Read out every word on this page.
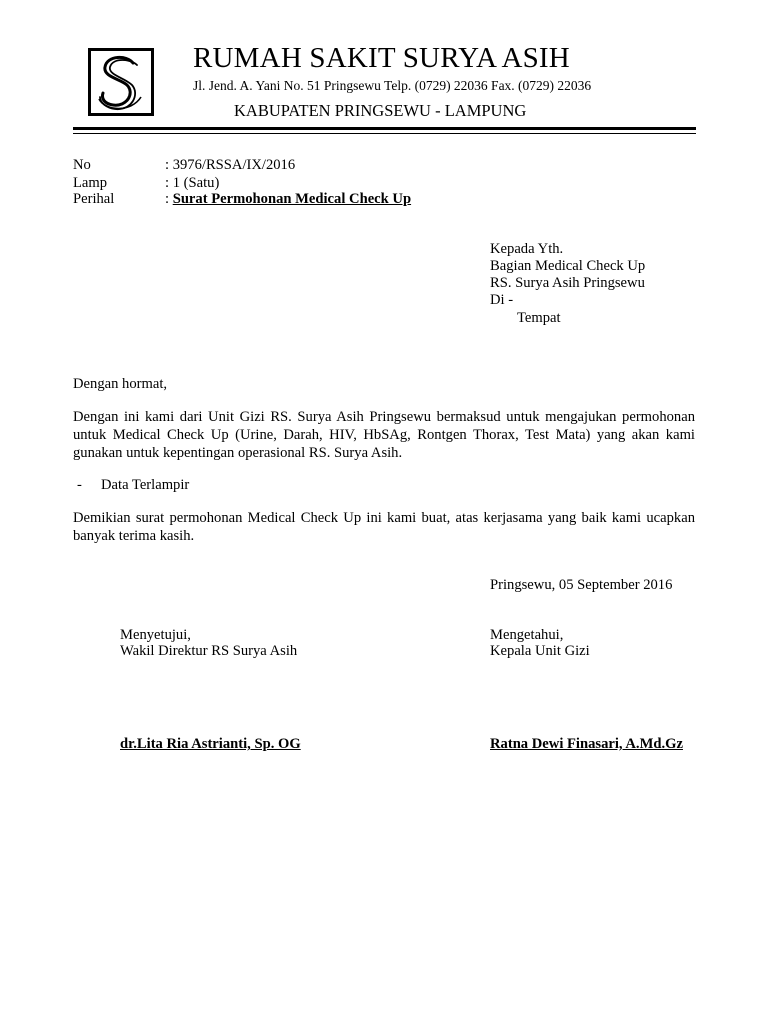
RUMAH SAKIT SURYA ASIH
Jl. Jend. A. Yani No. 51 Pringsewu Telp. (0729) 22036 Fax. (0729) 22036
KABUPATEN PRINGSEWU - LAMPUNG
No	: 3976/RSSA/IX/2016
Lamp	: 1 (Satu)
Perihal	: Surat Permohonan Medical Check Up
Kepada Yth.
Bagian Medical Check Up
RS. Surya Asih Pringsewu
Di -
Tempat
Dengan hormat,
Dengan ini kami dari Unit Gizi RS. Surya Asih Pringsewu bermaksud untuk mengajukan permohonan untuk Medical Check Up (Urine, Darah, HIV, HbSAg, Rontgen Thorax, Test Mata) yang akan kami gunakan untuk kepentingan operasional RS. Surya Asih.
- Data Terlampir
Demikian surat permohonan Medical Check Up ini kami buat, atas kerjasama yang baik kami ucapkan banyak terima kasih.
Pringsewu, 05 September 2016
Menyetujui,
Wakil Direktur RS Surya Asih
dr.Lita Ria Astrianti, Sp. OG
Mengetahui,
Kepala Unit Gizi
Ratna Dewi Finasari, A.Md.Gz
